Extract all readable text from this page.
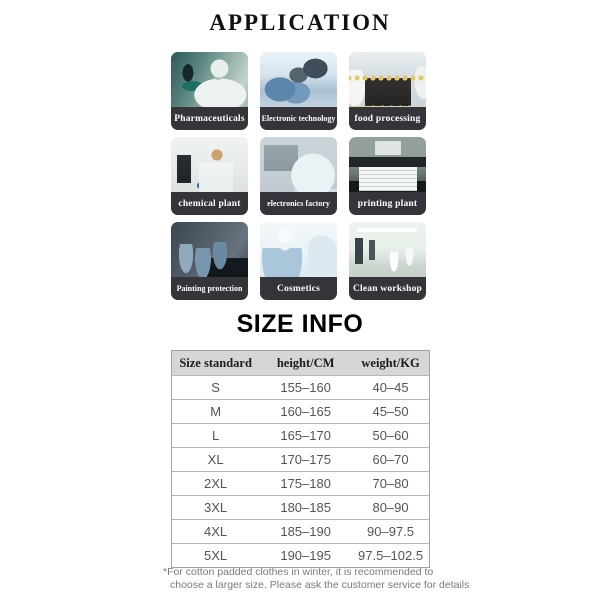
APPLICATION
Pharmaceuticals	Electronic technology	food processing
chemical plant	electronics factory	printing plant
Painting protection	Cosmetics	Clean workshop
SIZE INFO
Size standard	height/CM	weight/KG
S	155–160	40–45
M	160–165	45–50
L	165–170	50–60
XL	170–175	60–70
2XL	175–180	70–80
3XL	180–185	80–90
4XL	185–190	90–97.5
5XL	190–195	97.5–102.5
*For cotton padded clothes in winter, it is recommended to
choose a larger size. Please ask the customer service for details
